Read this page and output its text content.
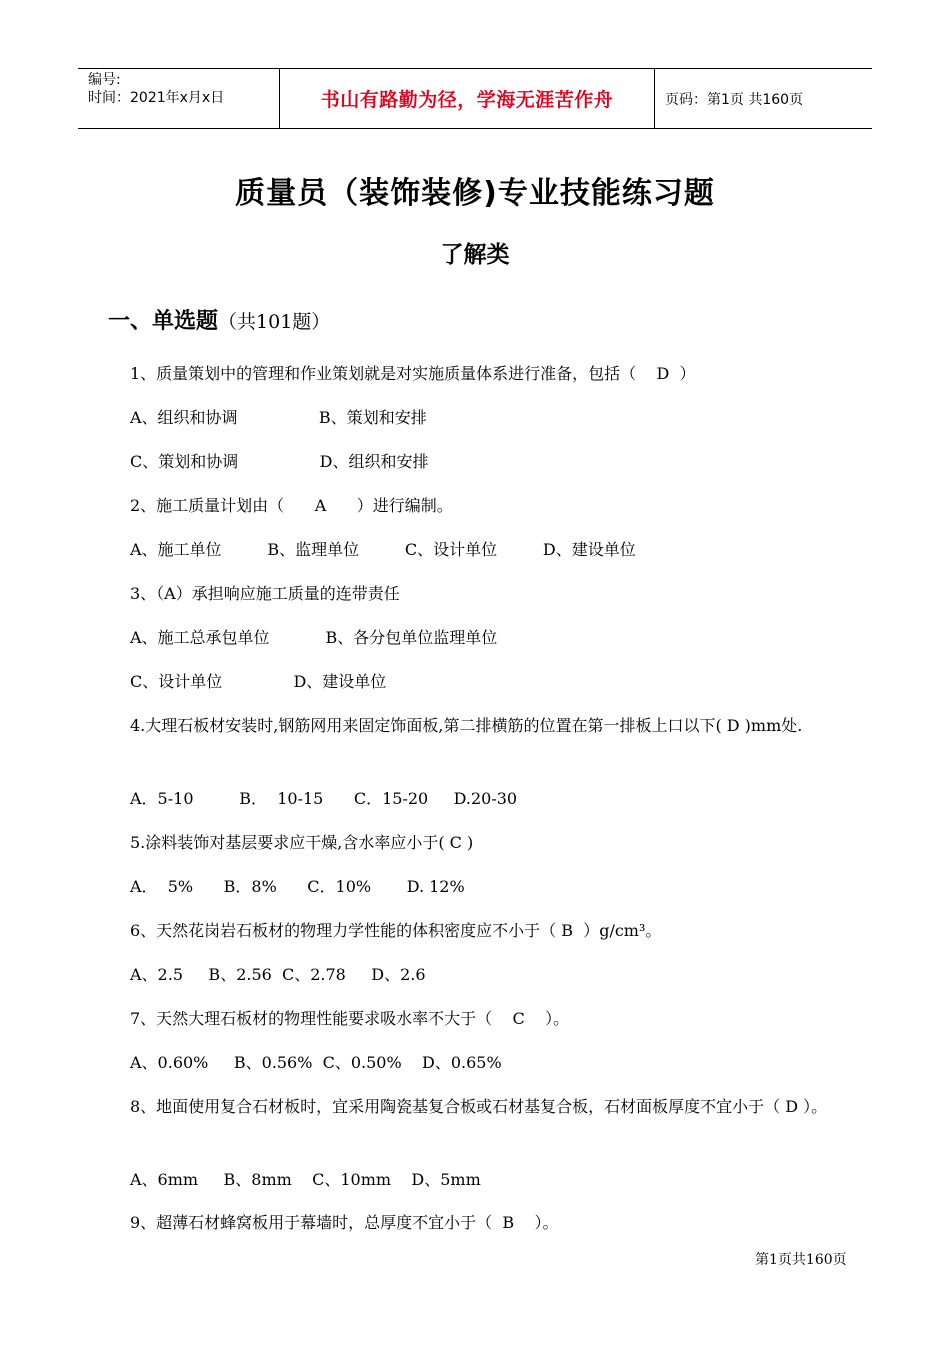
编号:
时间：2021年x月x日	书山有路勤为径，学海无涯苦作舟	页码：第1页 共160页
质量员（装饰装修)专业技能练习题
了解类
一、单选题（共101题）
1、质量策划中的管理和作业策划就是对实施质量体系进行准备，包括（    D  ）
A、组织和协调                B、策划和安排
C、策划和协调                D、组织和安排
2、施工质量计划由（      A      ）进行编制。
A、施工单位         B、监理单位         C、设计单位         D、建设单位
3、（A）承担响应施工质量的连带责任
A、施工总承包单位           B、各分包单位监理单位
C、设计单位              D、建设单位
4.大理石板材安装时,钢筋网用来固定饰面板,第二排横筋的位置在第一排板上口以下( D )mm处.
A．5-10         B．  10-15      C．15-20     D.20-30
5.涂料装饰对基层要求应干燥,含水率应小于( C )
A．  5%      B．8%      C．10%       D. 12%
6、天然花岗岩石板材的物理力学性能的体积密度应不小于（ B  ）g/cm³。
A、2.5     B、2.56  C、2.78     D、2.6
7、天然大理石板材的物理性能要求吸水率不大于（    C    ）。
A、0.60%     B、0.56%  C、0.50%    D、0.65%
8、地面使用复合石材板时，宜采用陶瓷基复合板或石材基复合板，石材面板厚度不宜小于（ D ）。
A、6mm     B、8mm    C、10mm    D、5mm
9、超薄石材蜂窝板用于幕墙时，总厚度不宜小于（  B    ）。
第1页共160页
